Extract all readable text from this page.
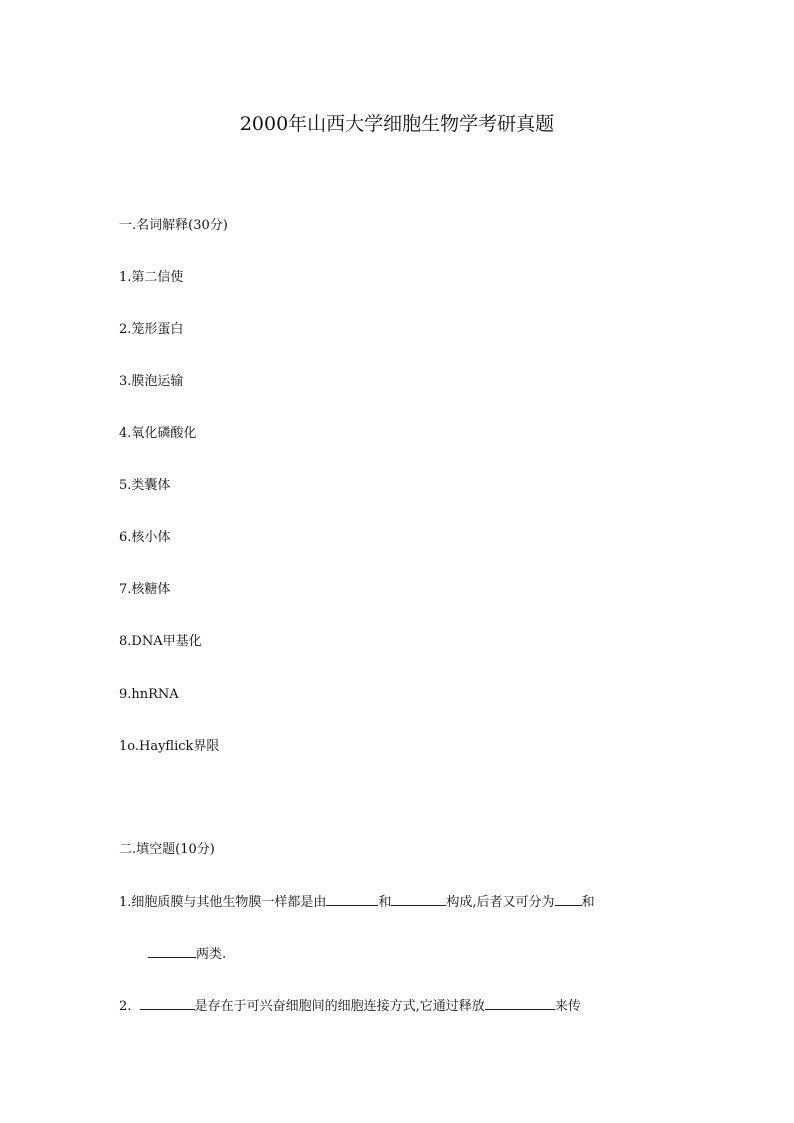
2000年山西大学细胞生物学考研真题

一.名词解释(30分)

1.第二信使

2.笼形蛋白

3.膜泡运输

4.氧化磷酸化

5.类囊体

6.核小体

7.核糖体

8.DNA甲基化

9.hnRNA

1o.Hayflick界限

二.填空题(10分)

1.细胞质膜与其他生物膜一样都是由	和	构成,后者又可分为 和

两类.

2.	是存在于可兴奋细胞间的细胞连接方式,它通过释放	来传
